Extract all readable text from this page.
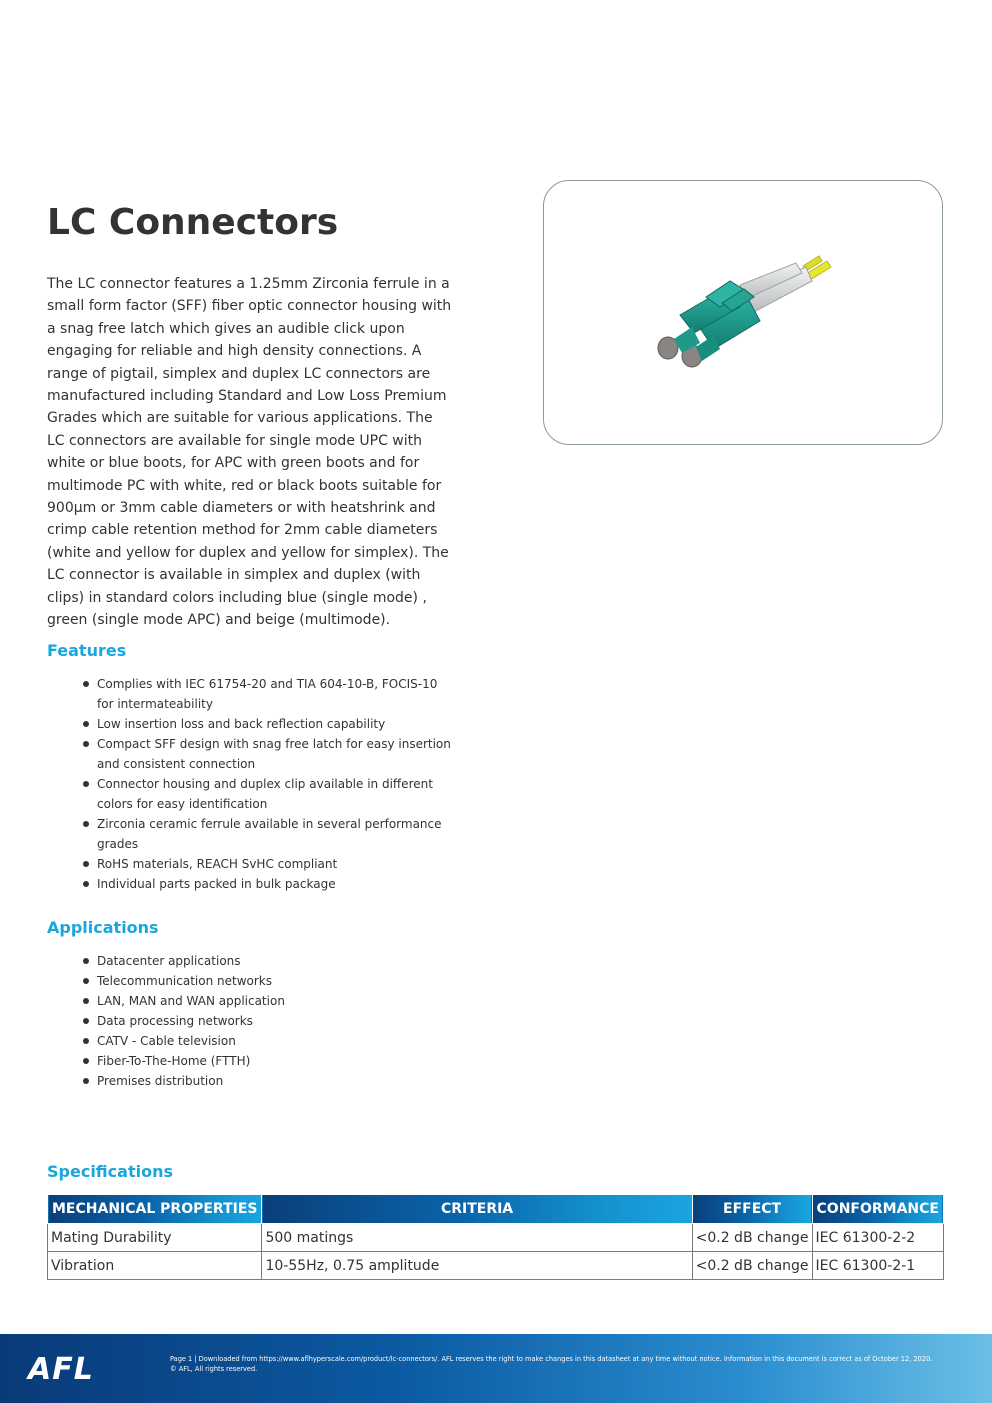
LC Connectors

The LC connector features a 1.25mm Zirconia ferrule in a small form factor (SFF) fiber optic connector housing with a snag free latch which gives an audible click upon engaging for reliable and high density connections. A range of pigtail, simplex and duplex LC connectors are manufactured including Standard and Low Loss Premium Grades which are suitable for various applications. The LC connectors are available for single mode UPC with white or blue boots, for APC with green boots and for multimode PC with white, red or black boots suitable for 900µm or 3mm cable diameters or with heatshrink and crimp cable retention method for 2mm cable diameters (white and yellow for duplex and yellow for simplex). The LC connector is available in simplex and duplex (with clips) in standard colors including blue (single mode) , green (single mode APC) and beige (multimode).

Features
Complies with IEC 61754-20 and TIA 604-10-B, FOCIS-10 for intermateability
Low insertion loss and back reflection capability
Compact SFF design with snag free latch for easy insertion and consistent connection
Connector housing and duplex clip available in different colors for easy identification
Zirconia ceramic ferrule available in several performance grades
RoHS materials, REACH SvHC compliant
Individual parts packed in bulk package
Applications
Datacenter applications
Telecommunication networks
LAN, MAN and WAN application
Data processing networks
CATV - Cable television
Fiber-To-The-Home (FTTH)
Premises distribution
Specifications
MECHANICAL PROPERTIES	CRITERIA	EFFECT	CONFORMANCE
Mating Durability	500 matings	<0.2 dB change	IEC 61300-2-2
Vibration	10-55Hz, 0.75 amplitude	<0.2 dB change	IEC 61300-2-1
AFL	Page 1 | Downloaded from https://www.aflhyperscale.com/product/lc-connectors/. AFL reserves the right to make changes in this datasheet at any time without notice. Information in this document is correct as of October 12, 2020.
© AFL, All rights reserved.
